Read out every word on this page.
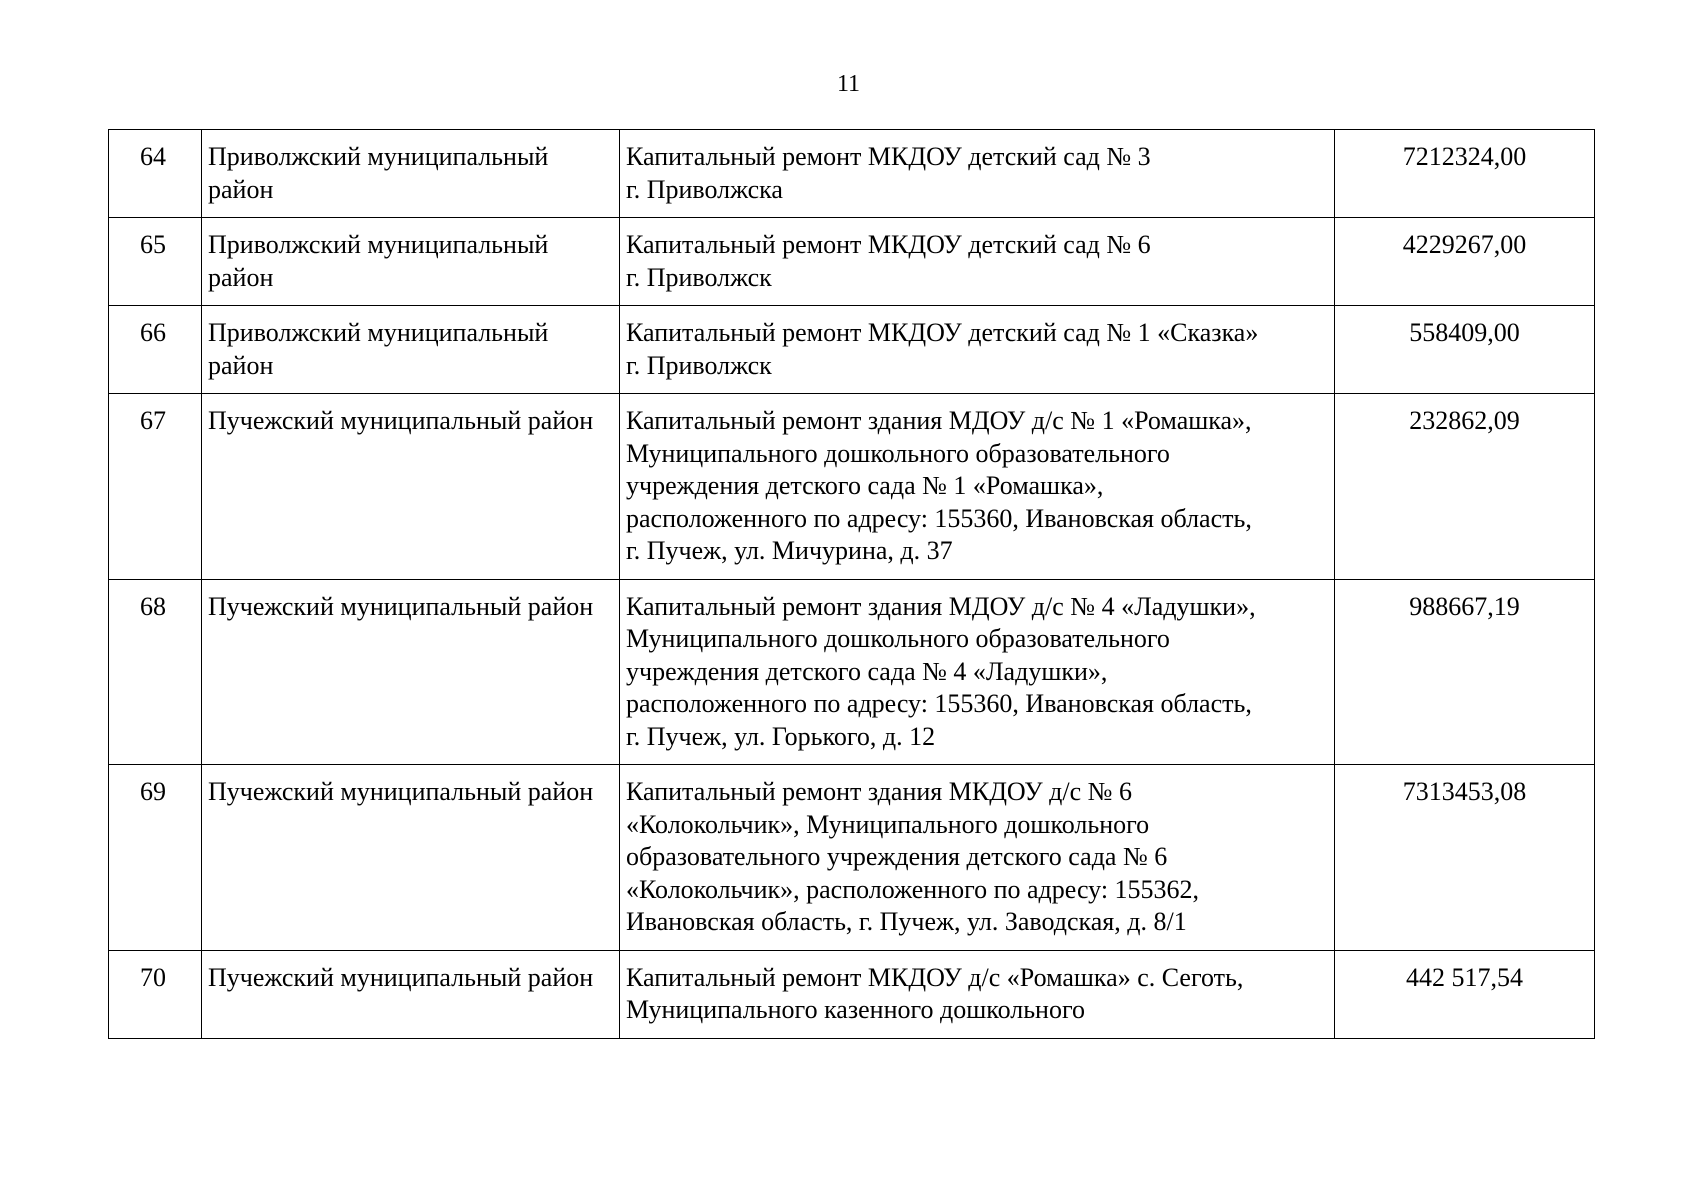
11
64	Приволжский муниципальный район	Капитальный ремонт МКДОУ детский сад № 3
г. Приволжска	7212324,00
65	Приволжский муниципальный район	Капитальный ремонт МКДОУ детский сад № 6
г. Приволжск	4229267,00
66	Приволжский муниципальный район	Капитальный ремонт МКДОУ детский сад № 1 «Сказка»
г. Приволжск	558409,00
67	Пучежский муниципальный район	Капитальный ремонт здания МДОУ д/с № 1 «Ромашка»,
Муниципального дошкольного образовательного
учреждения детского сада № 1 «Ромашка»,
расположенного по адресу: 155360, Ивановская область,
г. Пучеж, ул. Мичурина, д. 37	232862,09
68	Пучежский муниципальный район	Капитальный ремонт здания МДОУ д/с № 4 «Ладушки»,
Муниципального дошкольного образовательного
учреждения детского сада № 4 «Ладушки»,
расположенного по адресу: 155360, Ивановская область,
г. Пучеж, ул. Горького, д. 12	988667,19
69	Пучежский муниципальный район	Капитальный ремонт здания МКДОУ д/с № 6
«Колокольчик», Муниципального дошкольного
образовательного учреждения детского сада № 6
«Колокольчик», расположенного по адресу: 155362,
Ивановская область, г. Пучеж, ул. Заводская, д. 8/1	7313453,08
70	Пучежский муниципальный район	Капитальный ремонт МКДОУ д/с «Ромашка» с. Сеготь,
Муниципального казенного дошкольного	442 517,54
